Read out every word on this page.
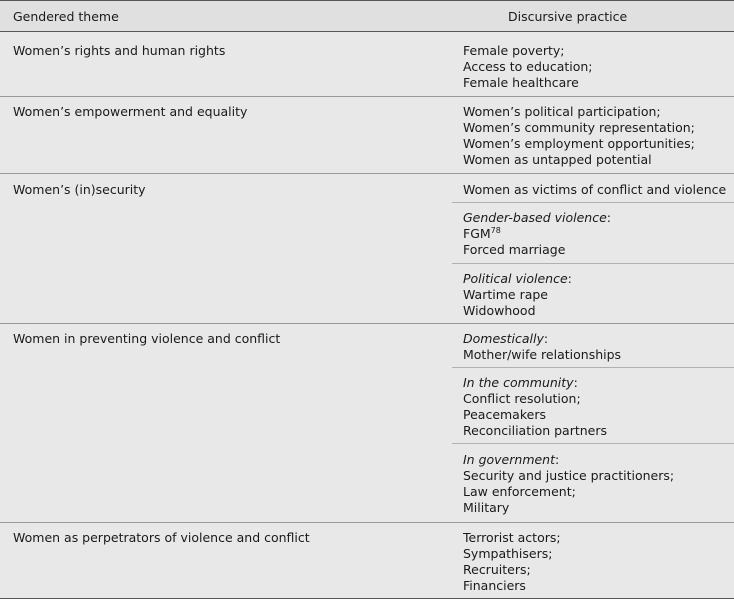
Gendered theme	Discursive practice
Women’s rights and human rights	Female poverty;
Access to education;
Female healthcare
Women’s empowerment and equality	Women’s political participation;
Women’s community representation;
Women’s employment opportunities;
Women as untapped potential
Women’s (in)security	Women as victims of conflict and violence
Gender-based violence:
FGM$^{78}$
Forced marriage
Political violence:
Wartime rape
Widowhood
Women in preventing violence and conflict	Domestically:
Mother/wife relationships
In the community:
Conflict resolution;
Peacemakers
Reconciliation partners
In government:
Security and justice practitioners;
Law enforcement;
Military
Women as perpetrators of violence and conflict	Terrorist actors;
Sympathisers;
Recruiters;
Financiers
